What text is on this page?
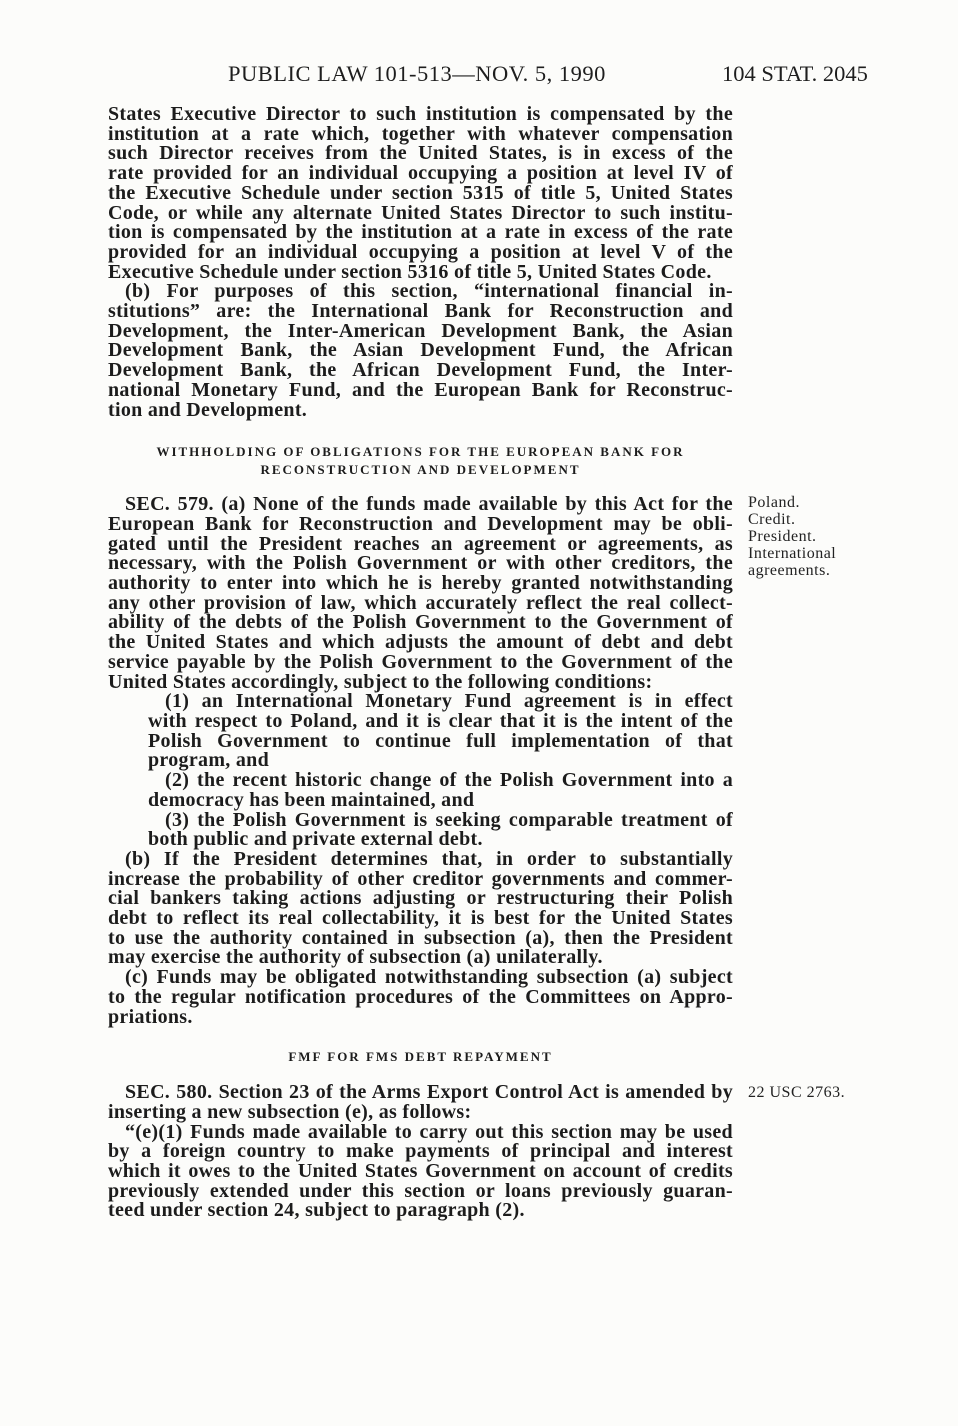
PUBLIC LAW 101-513—NOV. 5, 1990	104 STAT. 2045
States Executive Director to such institution is compensated by the
institution at a rate which, together with whatever compensation
such Director receives from the United States, is in excess of the
rate provided for an individual occupying a position at level IV of
the Executive Schedule under section 5315 of title 5, United States
Code, or while any alternate United States Director to such institu-
tion is compensated by the institution at a rate in excess of the rate
provided for an individual occupying a position at level V of the
Executive Schedule under section 5316 of title 5, United States Code.
(b) For purposes of this section, “international financial in-
stitutions” are: the International Bank for Reconstruction and
Development, the Inter-American Development Bank, the Asian
Development Bank, the Asian Development Fund, the African
Development Bank, the African Development Fund, the Inter-
national Monetary Fund, and the European Bank for Reconstruc-
tion and Development.
WITHHOLDING OF OBLIGATIONS FOR THE EUROPEAN BANK FOR
RECONSTRUCTION AND DEVELOPMENT
SEC. 579. (a) None of the funds made available by this Act for the
European Bank for Reconstruction and Development may be obli-
gated until the President reaches an agreement or agreements, as
necessary, with the Polish Government or with other creditors, the
authority to enter into which he is hereby granted notwithstanding
any other provision of law, which accurately reflect the real collect-
ability of the debts of the Polish Government to the Government of
the United States and which adjusts the amount of debt and debt
service payable by the Polish Government to the Government of the
United States accordingly, subject to the following conditions:
(1) an International Monetary Fund agreement is in effect
with respect to Poland, and it is clear that it is the intent of the
Polish Government to continue full implementation of that
program, and
(2) the recent historic change of the Polish Government into a
democracy has been maintained, and
(3) the Polish Government is seeking comparable treatment of
both public and private external debt.
(b) If the President determines that, in order to substantially
increase the probability of other creditor governments and commer-
cial bankers taking actions adjusting or restructuring their Polish
debt to reflect its real collectability, it is best for the United States
to use the authority contained in subsection (a), then the President
may exercise the authority of subsection (a) unilaterally.
(c) Funds may be obligated notwithstanding subsection (a) subject
to the regular notification procedures of the Committees on Appro-
priations.
FMF FOR FMS DEBT REPAYMENT
SEC. 580. Section 23 of the Arms Export Control Act is amended by
inserting a new subsection (e), as follows:
“(e)(1) Funds made available to carry out this section may be used
by a foreign country to make payments of principal and interest
which it owes to the United States Government on account of credits
previously extended under this section or loans previously guaran-
teed under section 24, subject to paragraph (2).
Poland.
Credit.
President.
International
agreements.
22 USC 2763.
